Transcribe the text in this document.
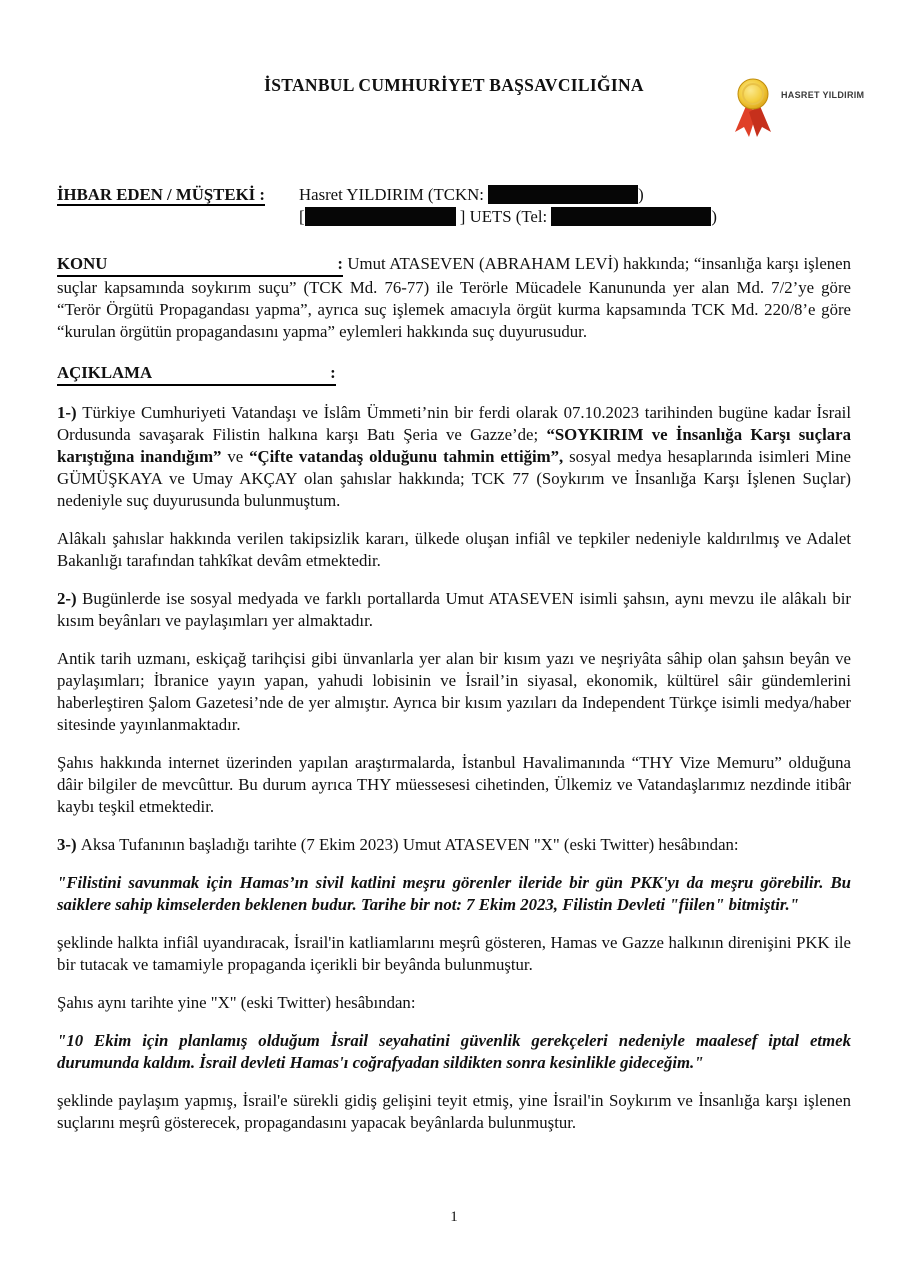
HASRET YILDIRIM
İSTANBUL CUMHURİYET BAŞSAVCILIĞINA
İHBAR EDEN / MÜŞTEKİ :	Hasret YILDIRIM (TCKN:	)
[	] UETS (Tel:	)

KONU	: Umut ATASEVEN (ABRAHAM LEVİ) hakkında; “insanlığa karşı işlenen suçlar kapsamında soykırım suçu” (TCK Md. 76-77) ile Terörle Mücadele Kanununda yer alan Md. 7/2’ye göre “Terör Örgütü Propagandası yapma”, ayrıca suç işlemek amacıyla örgüt kurma kapsamında TCK Md. 220/8’e göre “kurulan örgütün propagandasını yapma” eylemleri hakkında suç duyurusudur.

AÇIKLAMA	:

1-) Türkiye Cumhuriyeti Vatandaşı ve İslâm Ümmeti’nin bir ferdi olarak 07.10.2023 tarihinden bugüne kadar İsrail Ordusunda savaşarak Filistin halkına karşı Batı Şeria ve Gazze’de; “SOYKIRIM ve İnsanlığa Karşı suçlara karıştığına inandığım” ve “Çifte vatandaş olduğunu tahmin ettiğim”, sosyal medya hesaplarında isimleri Mine GÜMÜŞKAYA ve Umay AKÇAY olan şahıslar hakkında; TCK 77 (Soykırım ve İnsanlığa Karşı İşlenen Suçlar) nedeniyle suç duyurusunda bulunmuştum.

Alâkalı şahıslar hakkında verilen takipsizlik kararı, ülkede oluşan infiâl ve tepkiler nedeniyle kaldırılmış ve Adalet Bakanlığı tarafından tahkîkat devâm etmektedir.

2-) Bugünlerde ise sosyal medyada ve farklı portallarda Umut ATASEVEN isimli şahsın, aynı mevzu ile alâkalı bir kısım beyânları ve paylaşımları yer almaktadır.

Antik tarih uzmanı, eskiçağ tarihçisi gibi ünvanlarla yer alan bir kısım yazı ve neşriyâta sâhip olan şahsın beyân ve paylaşımları; İbranice yayın yapan, yahudi lobisinin ve İsrail’in siyasal, ekonomik, kültürel sâir gündemlerini haberleştiren Şalom Gazetesi’nde de yer almıştır. Ayrıca bir kısım yazıları da Independent Türkçe isimli medya/haber sitesinde yayınlanmaktadır.

Şahıs hakkında internet üzerinden yapılan araştırmalarda, İstanbul Havalimanında “THY Vize Memuru” olduğuna dâir bilgiler de mevcûttur. Bu durum ayrıca THY müessesesi cihetinden, Ülkemiz ve Vatandaşlarımız nezdinde itibâr kaybı teşkil etmektedir.

3-) Aksa Tufanının başladığı tarihte (7 Ekim 2023) Umut ATASEVEN "X" (eski Twitter) hesâbından:

"Filistini savunmak için Hamas’ın sivil katlini meşru görenler ileride bir gün PKK'yı da meşru görebilir. Bu saiklere sahip kimselerden beklenen budur. Tarihe bir not: 7 Ekim 2023, Filistin Devleti "fiilen" bitmiştir."

şeklinde halkta infiâl uyandıracak, İsrail'in katliamlarını meşrû gösteren, Hamas ve Gazze halkının direnişini PKK ile bir tutacak ve tamamiyle propaganda içerikli bir beyânda bulunmuştur.

Şahıs aynı tarihte yine "X" (eski Twitter) hesâbından:

"10 Ekim için planlamış olduğum İsrail seyahatini güvenlik gerekçeleri nedeniyle maalesef iptal etmek durumunda kaldım. İsrail devleti Hamas'ı coğrafyadan sildikten sonra kesinlikle gideceğim."

şeklinde paylaşım yapmış, İsrail'e sürekli gidiş gelişini teyit etmiş, yine İsrail'in Soykırım ve İnsanlığa karşı işlenen suçlarını meşrû gösterecek, propagandasını yapacak beyânlarda bulunmuştur.

1
